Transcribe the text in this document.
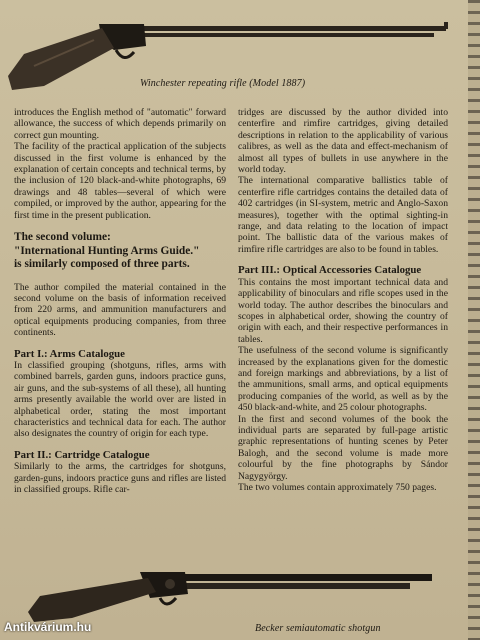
Winchester repeating rifle (Model 1887)

introduces the English method of "automatic" forward allowance, the success of which depends primarily on correct gun mounting.

The facility of the practical application of the subjects discussed in the first volume is enhanced by the explanation of certain concepts and technical terms, by the inclusion of 120 black-and-white photographs, 69 drawings and 48 tables—several of which were compiled, or improved by the author, appearing for the first time in the present publication.

The second volume:

"International Hunting Arms Guide."

is similarly composed of three parts.

The author compiled the material contained in the second volume on the basis of information received from 220 arms, and ammunition manufacturers and optical equipments producing companies, from three continents.

Part I.: Arms Catalogue

In classified grouping (shotguns, rifles, arms with combined barrels, garden guns, indoors practice guns, air guns, and the sub-systems of all these), all hunting arms presently available the world over are listed in alphabetical order, stating the most important characteristics and technical data for each. The author also designates the country of origin for each type.

Part II.: Cartridge Catalogue

Similarly to the arms, the cartridges for shotguns, garden-guns, indoors practice guns and rifles are listed in classified groups. Rifle car-

tridges are discussed by the author divided into centerfire and rimfire cartridges, giving detailed descriptions in relation to the applicability of various calibres, as well as the data and effect-mechanism of almost all types of bullets in use anywhere in the world today.

The international comparative ballistics table of centerfire rifle cartridges contains the detailed data of 402 cartridges (in SI-system, metric and Anglo-Saxon measures), together with the optimal sighting-in range, and data relating to the location of impact point. The ballistic data of the various makes of rimfire rifle cartridges are also to be found in tables.

Part III.: Optical Accessories Catalogue

This contains the most important technical data and applicability of binoculars and rifle scopes used in the world today. The author describes the binoculars and scopes in alphabetical order, showing the country of origin with each, and their respective performances in tables.

The usefulness of the second volume is significantly increased by the explanations given for the domestic and foreign markings and abbreviations, by a list of the ammunitions, small arms, and optical equipments producing companies of the world, as well as by the 450 black-and-white, and 25 colour photographs.

In the first and second volumes of the book the individual parts are separated by full-page artistic graphic representations of hunting scenes by Peter Balogh, and the second volume is made more colourful by the fine photographs by Sándor Nagygyörgy.

The two volumes contain approximately 750 pages.

Becker semiautomatic shotgun
Antikvárium.hu
